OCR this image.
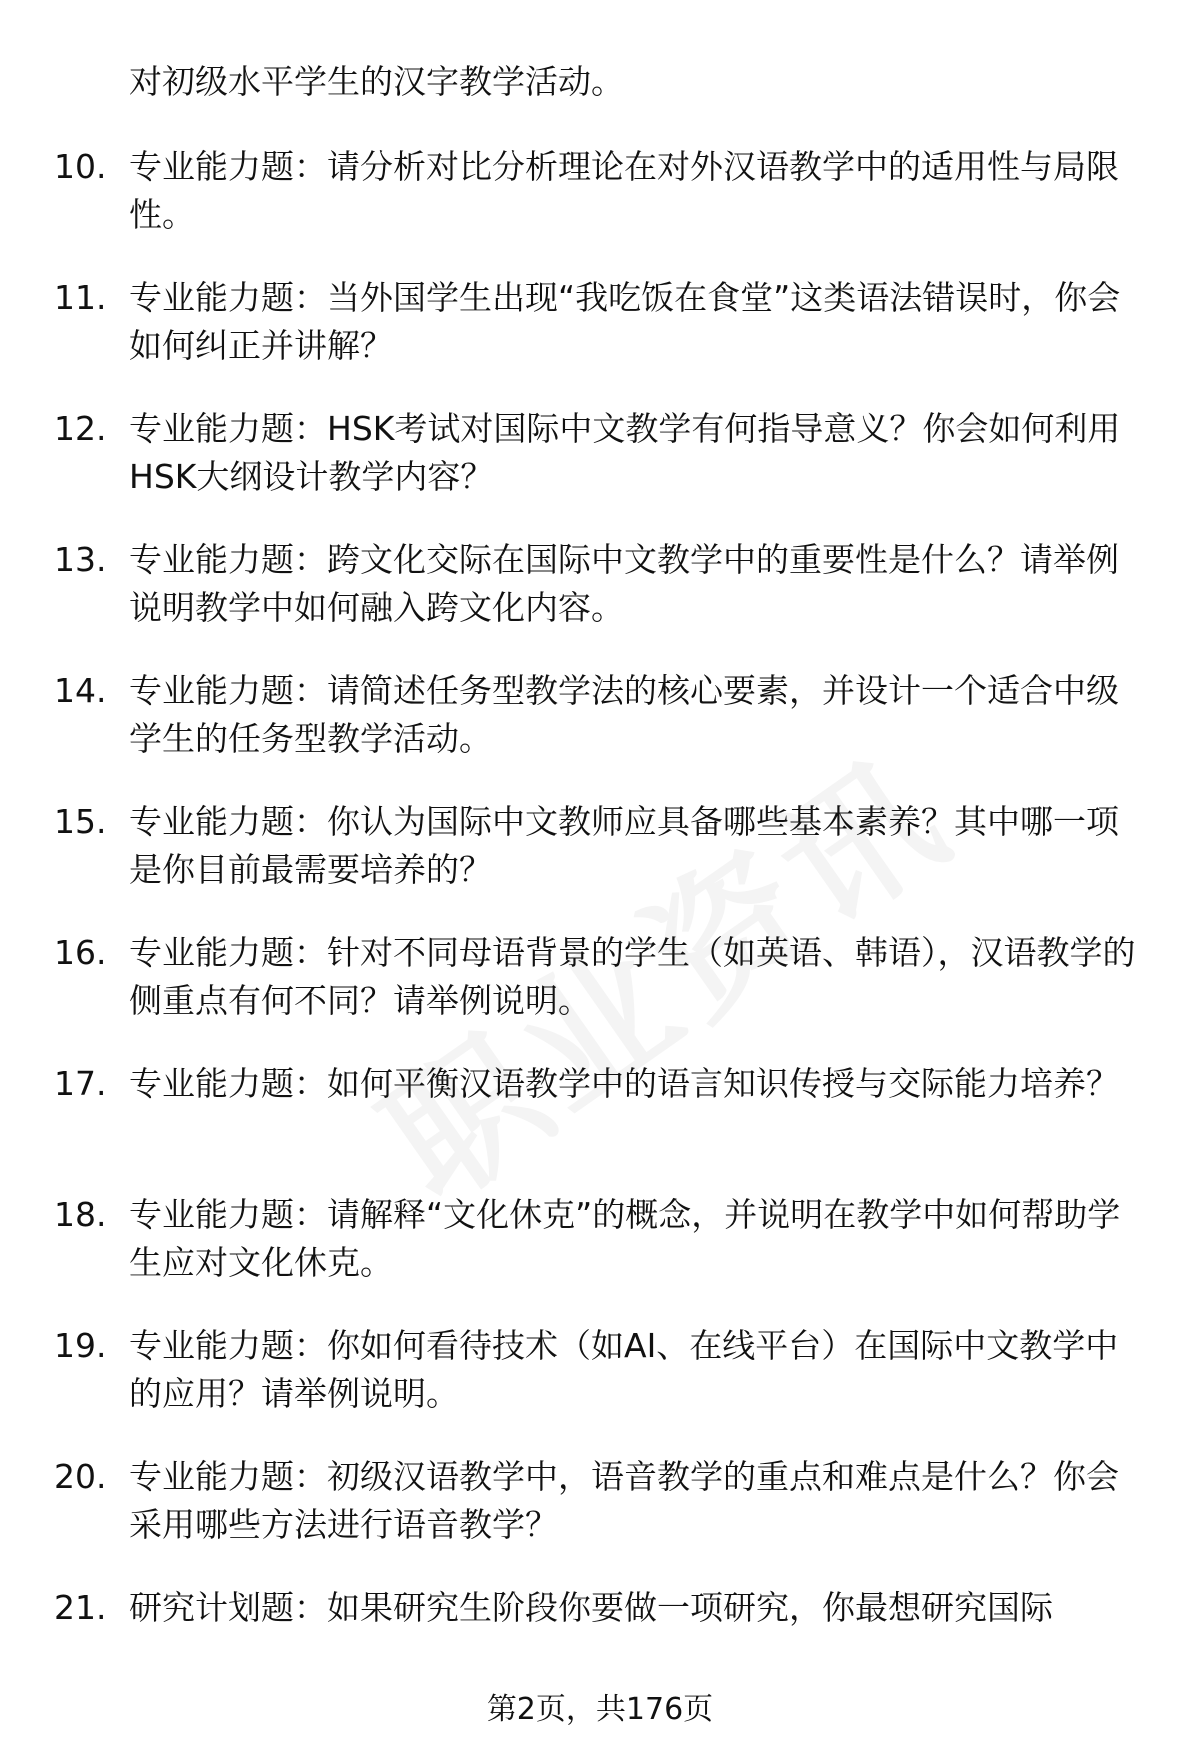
对初级水平学生的汉字教学活动。

10. 专业能力题：请分析对比分析理论在对外汉语教学中的适用性与局限性。

11. 专业能力题：当外国学生出现“我吃饭在食堂”这类语法错误时，你会如何纠正并讲解？

12. 专业能力题：HSK考试对国际中文教学有何指导意义？你会如何利用HSK大纲设计教学内容？

13. 专业能力题：跨文化交际在国际中文教学中的重要性是什么？请举例说明教学中如何融入跨文化内容。

14. 专业能力题：请简述任务型教学法的核心要素，并设计一个适合中级学生的任务型教学活动。

15. 专业能力题：你认为国际中文教师应具备哪些基本素养？其中哪一项是你目前最需要培养的？

16. 专业能力题：针对不同母语背景的学生（如英语、韩语），汉语教学的侧重点有何不同？请举例说明。

17. 专业能力题：如何平衡汉语教学中的语言知识传授与交际能力培养？

18. 专业能力题：请解释“文化休克”的概念，并说明在教学中如何帮助学生应对文化休克。

19. 专业能力题：你如何看待技术（如AI、在线平台）在国际中文教学中的应用？请举例说明。

20. 专业能力题：初级汉语教学中，语音教学的重点和难点是什么？你会采用哪些方法进行语音教学？

21. 研究计划题：如果研究生阶段你要做一项研究，你最想研究国际

第2页，共176页
